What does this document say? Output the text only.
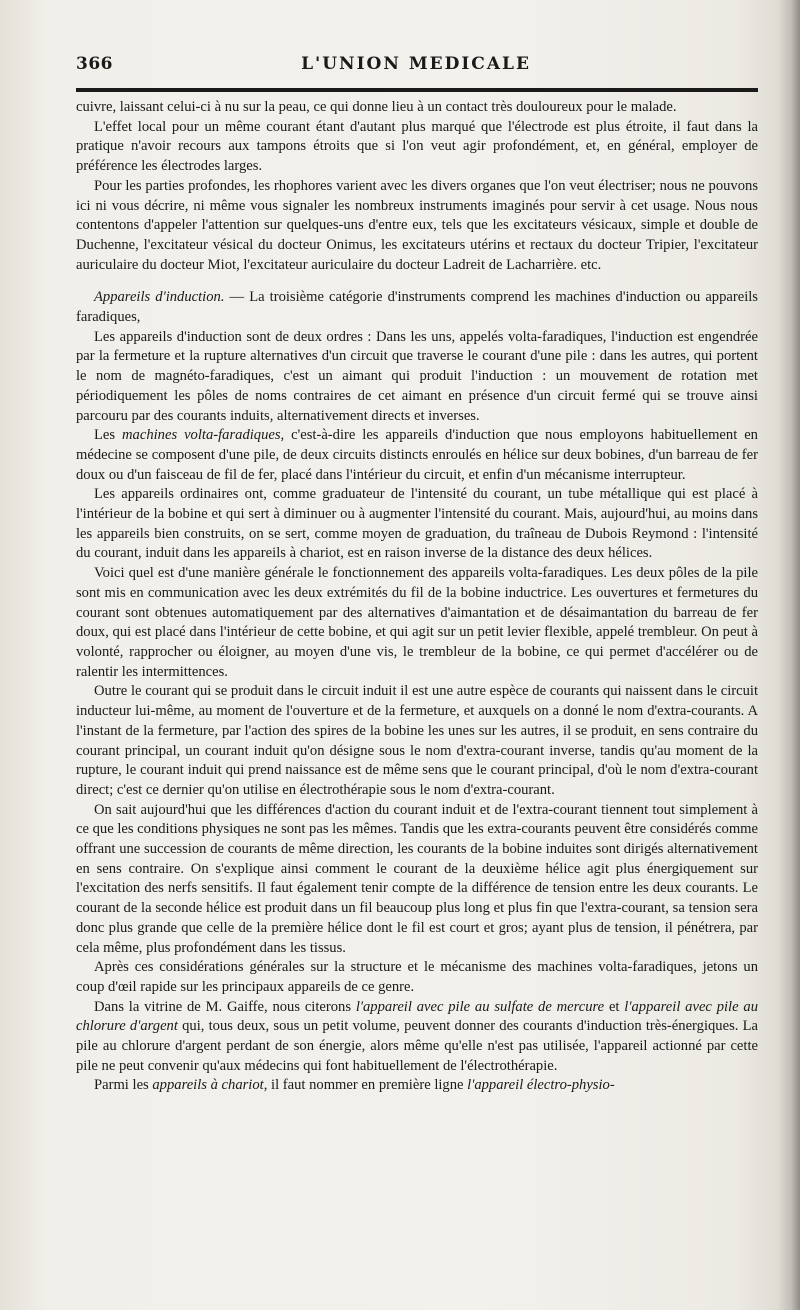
366	L'UNION MEDICALE

cuivre, laissant celui-ci à nu sur la peau, ce qui donne lieu à un contact très douloureux pour le malade.

L'effet local pour un même courant étant d'autant plus marqué que l'électrode est plus étroite, il faut dans la pratique n'avoir recours aux tampons étroits que si l'on veut agir profondément, et, en général, employer de préférence les électrodes larges.

Pour les parties profondes, les rhophores varient avec les divers organes que l'on veut électriser; nous ne pouvons ici ni vous décrire, ni même vous signaler les nombreux instruments imaginés pour servir à cet usage. Nous nous contentons d'appeler l'attention sur quelques-uns d'entre eux, tels que les excitateurs vésicaux, simple et double de Duchenne, l'excitateur vésical du docteur Onimus, les excitateurs utérins et rectaux du docteur Tripier, l'excitateur auriculaire du docteur Miot, l'excitateur auriculaire du docteur Ladreit de Lacharrière. etc.

Appareils d'induction. — La troisième catégorie d'instruments comprend les machines d'induction ou appareils faradiques,

Les appareils d'induction sont de deux ordres : Dans les uns, appelés volta-faradiques, l'induction est engendrée par la fermeture et la rupture alternatives d'un circuit que traverse le courant d'une pile : dans les autres, qui portent le nom de magnéto-faradiques, c'est un aimant qui produit l'induction : un mouvement de rotation met périodiquement les pôles de noms contraires de cet aimant en présence d'un circuit fermé qui se trouve ainsi parcouru par des courants induits, alternativement directs et inverses.

Les machines volta-faradiques, c'est-à-dire les appareils d'induction que nous employons habituellement en médecine se composent d'une pile, de deux circuits distincts enroulés en hélice sur deux bobines, d'un barreau de fer doux ou d'un faisceau de fil de fer, placé dans l'intérieur du circuit, et enfin d'un mécanisme interrupteur.

Les appareils ordinaires ont, comme graduateur de l'intensité du courant, un tube métallique qui est placé à l'intérieur de la bobine et qui sert à diminuer ou à augmenter l'intensité du courant. Mais, aujourd'hui, au moins dans les appareils bien construits, on se sert, comme moyen de graduation, du traîneau de Dubois Reymond : l'intensité du courant, induit dans les appareils à chariot, est en raison inverse de la distance des deux hélices.

Voici quel est d'une manière générale le fonctionnement des appareils volta-faradiques. Les deux pôles de la pile sont mis en communication avec les deux extrémités du fil de la bobine inductrice. Les ouvertures et fermetures du courant sont obtenues automatiquement par des alternatives d'aimantation et de désaimantation du barreau de fer doux, qui est placé dans l'intérieur de cette bobine, et qui agit sur un petit levier flexible, appelé trembleur. On peut à volonté, rapprocher ou éloigner, au moyen d'une vis, le trembleur de la bobine, ce qui permet d'accélérer ou de ralentir les intermittences.

Outre le courant qui se produit dans le circuit induit il est une autre espèce de courants qui naissent dans le circuit inducteur lui-même, au moment de l'ouverture et de la fermeture, et auxquels on a donné le nom d'extra-courants. A l'instant de la fermeture, par l'action des spires de la bobine les unes sur les autres, il se produit, en sens contraire du courant principal, un courant induit qu'on désigne sous le nom d'extra-courant inverse, tandis qu'au moment de la rupture, le courant induit qui prend naissance est de même sens que le courant principal, d'où le nom d'extra-courant direct; c'est ce dernier qu'on utilise en électrothérapie sous le nom d'extra-courant.

On sait aujourd'hui que les différences d'action du courant induit et de l'extra-courant tiennent tout simplement à ce que les conditions physiques ne sont pas les mêmes. Tandis que les extra-courants peuvent être considérés comme offrant une succession de courants de même direction, les courants de la bobine induites sont dirigés alternativement en sens contraire. On s'explique ainsi comment le courant de la deuxième hélice agit plus énergiquement sur l'excitation des nerfs sensitifs. Il faut également tenir compte de la différence de tension entre les deux courants. Le courant de la seconde hélice est produit dans un fil beaucoup plus long et plus fin que l'extra-courant, sa tension sera donc plus grande que celle de la première hélice dont le fil est court et gros; ayant plus de tension, il pénétrera, par cela même, plus profondément dans les tissus.

Après ces considérations générales sur la structure et le mécanisme des machines volta-faradiques, jetons un coup d'œil rapide sur les principaux appareils de ce genre.

Dans la vitrine de M. Gaiffe, nous citerons l'appareil avec pile au sulfate de mercure et l'appareil avec pile au chlorure d'argent qui, tous deux, sous un petit volume, peuvent donner des courants d'induction très-énergiques. La pile au chlorure d'argent perdant de son énergie, alors même qu'elle n'est pas utilisée, l'appareil actionné par cette pile ne peut convenir qu'aux médecins qui font habituellement de l'électrothérapie.

Parmi les appareils à chariot, il faut nommer en première ligne l'appareil électro-physio-
